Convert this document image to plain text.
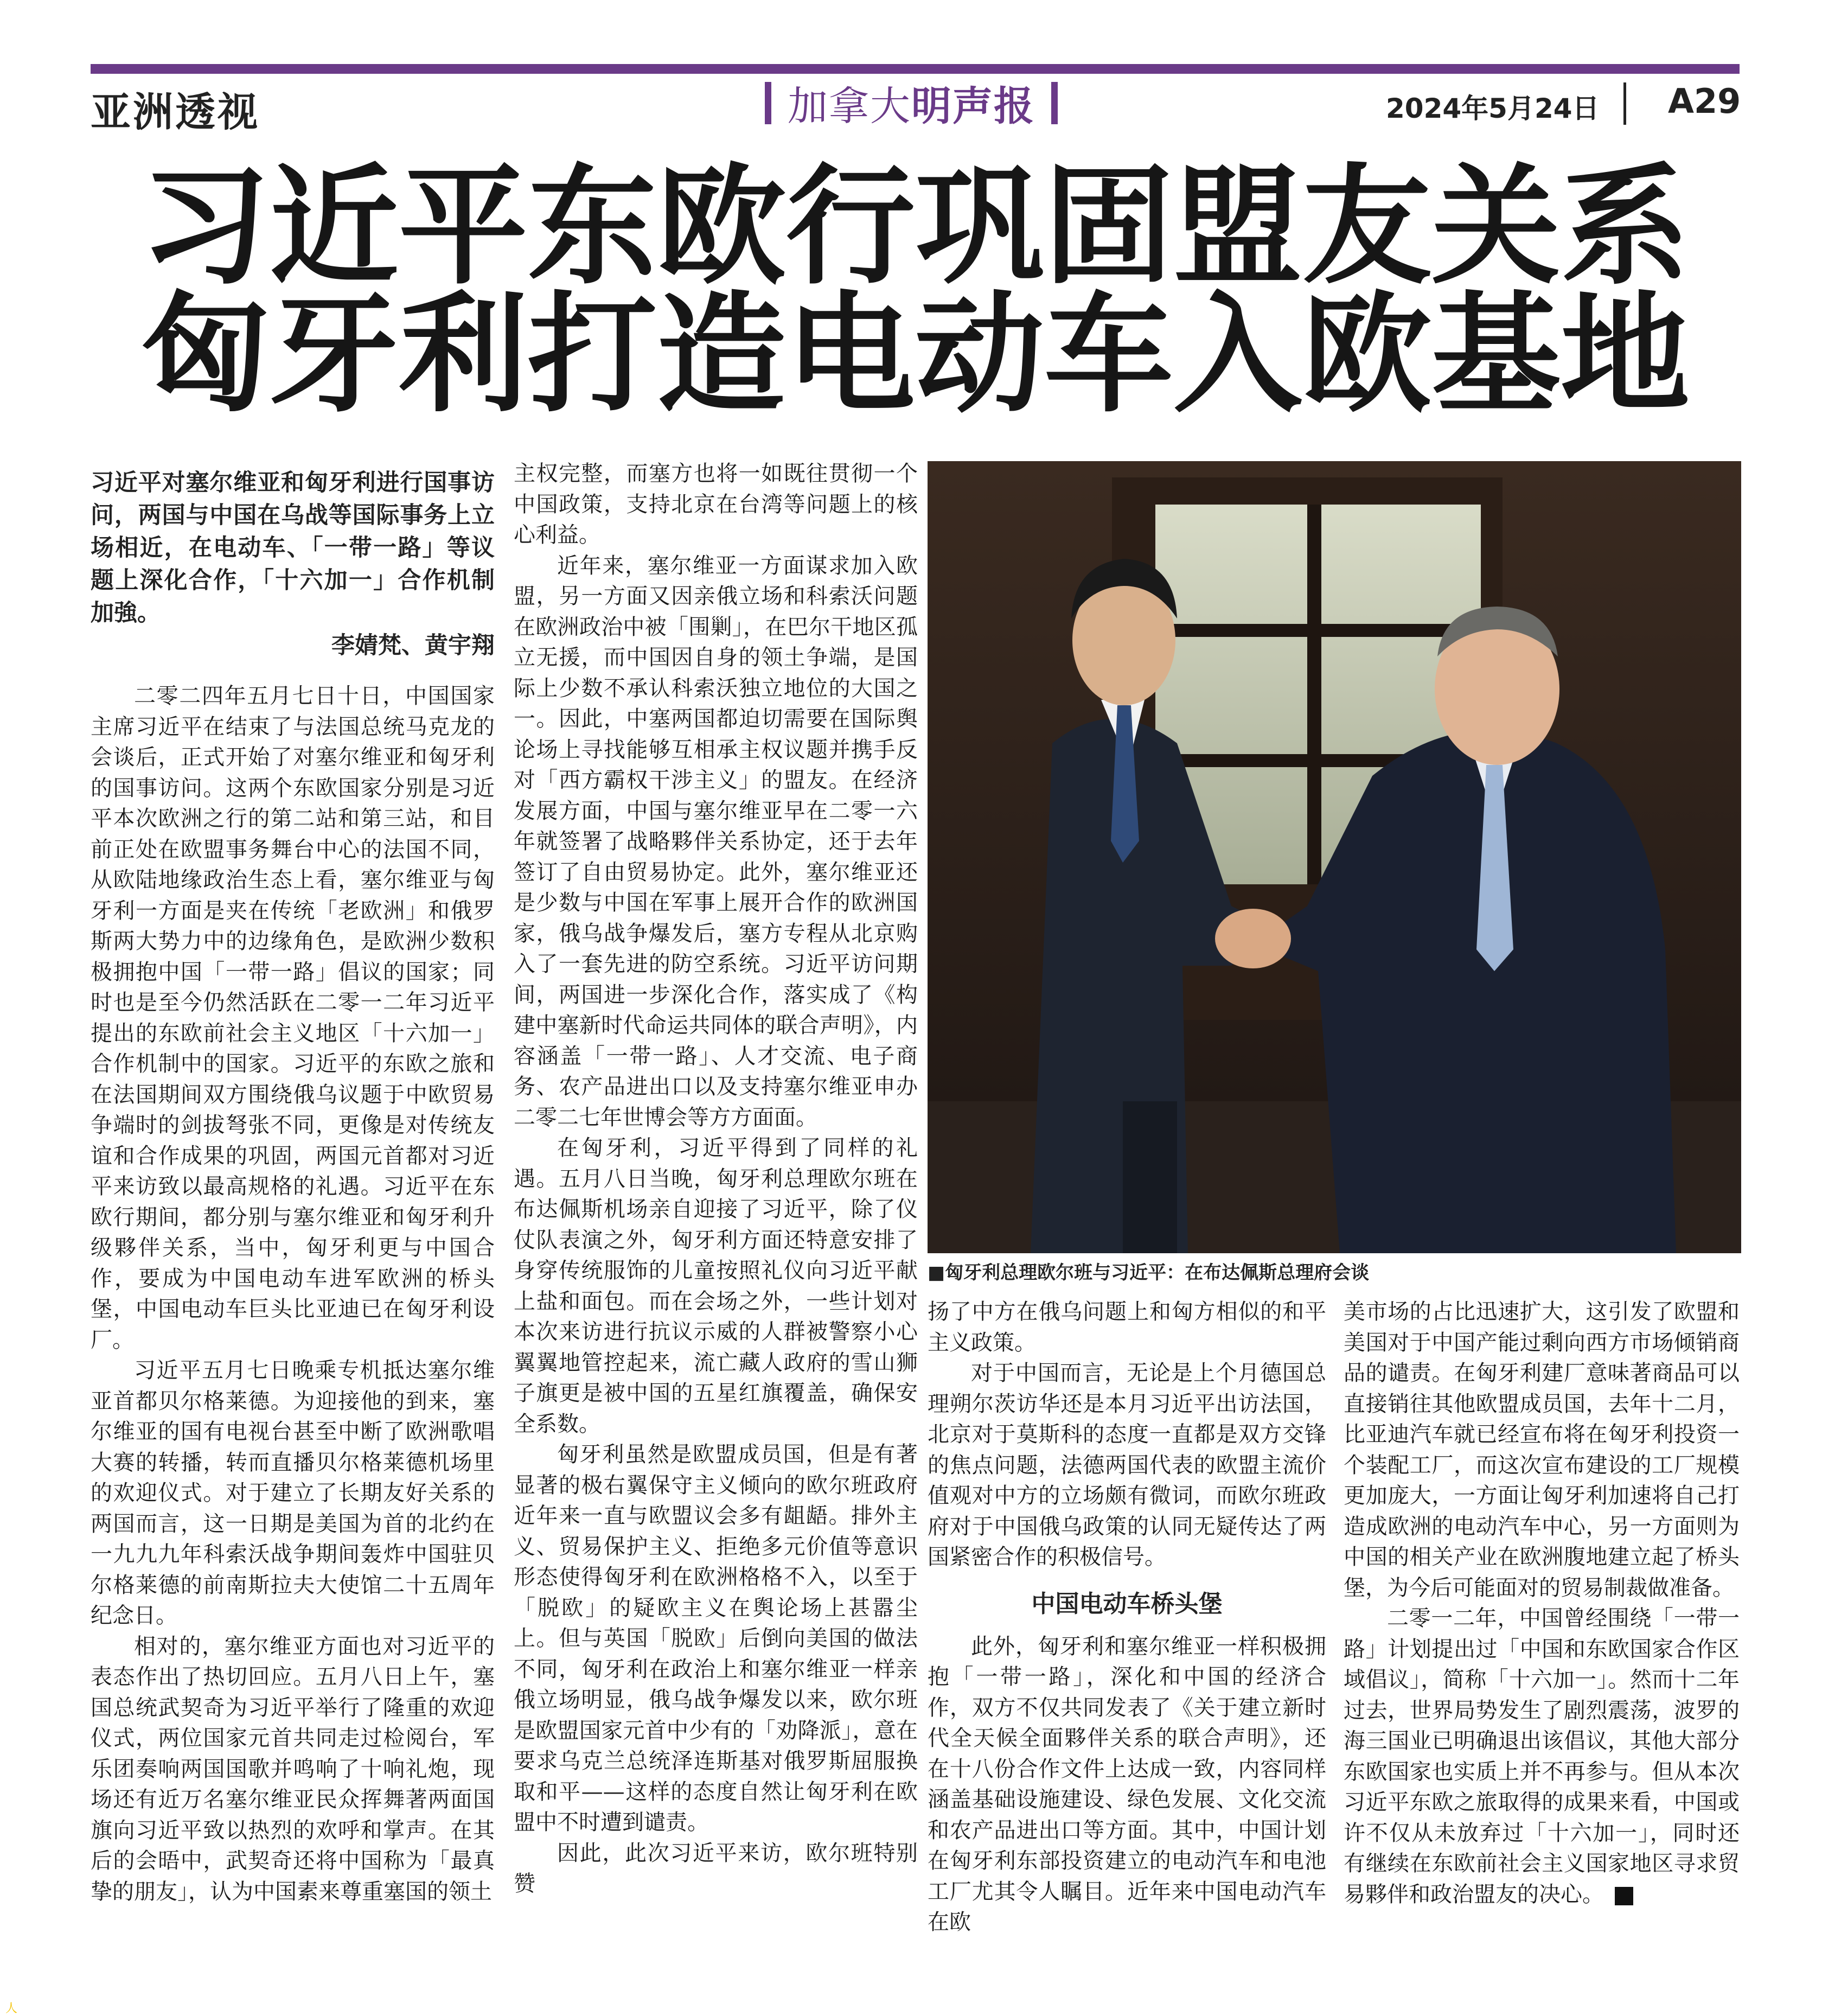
亚洲透视	加拿大明声报	2024年5月24日 A29
习近平东欧行巩固盟友关系
匈牙利打造电动车入欧基地
习近平对塞尔维亚和匈牙利进行国事访问，两国与中国在乌战等国际事务上立场相近，在电动车、「一带一路」等议题上深化合作，「十六加一」合作机制加強。
李婧梵、黄宇翔

二零二四年五月七日十日，中国国家主席习近平在结束了与法国总统马克龙的会谈后，正式开始了对塞尔维亚和匈牙利的国事访问。这两个东欧国家分别是习近平本次欧洲之行的第二站和第三站，和目前正处在欧盟事务舞台中心的法国不同，从欧陆地缘政治生态上看，塞尔维亚与匈牙利一方面是夹在传统「老欧洲」和俄罗斯两大势力中的边缘角色，是欧洲少数积极拥抱中国「一带一路」倡议的国家；同时也是至今仍然活跃在二零一二年习近平提出的东欧前社会主义地区「十六加一」合作机制中的国家。习近平的东欧之旅和在法国期间双方围绕俄乌议题于中欧贸易争端时的剑拔弩张不同，更像是对传统友谊和合作成果的巩固，两国元首都对习近平来访致以最高规格的礼遇。习近平在东欧行期间，都分别与塞尔维亚和匈牙利升级夥伴关系，当中，匈牙利更与中国合作，要成为中国电动车进军欧洲的桥头堡，中国电动车巨头比亚迪已在匈牙利设厂。

习近平五月七日晚乘专机抵达塞尔维亚首都贝尔格莱德。为迎接他的到来，塞尔维亚的国有电视台甚至中断了欧洲歌唱大赛的转播，转而直播贝尔格莱德机场里的欢迎仪式。对于建立了长期友好关系的两国而言，这一日期是美国为首的北约在一九九九年科索沃战争期间轰炸中国驻贝尔格莱德的前南斯拉夫大使馆二十五周年纪念日。

相对的，塞尔维亚方面也对习近平的表态作出了热切回应。五月八日上午，塞国总统武契奇为习近平举行了隆重的欢迎仪式，两位国家元首共同走过检阅台，军乐团奏响两国国歌并鸣响了十响礼炮，现场还有近万名塞尔维亚民众挥舞著两面国旗向习近平致以热烈的欢呼和掌声。在其后的会晤中，武契奇还将中国称为「最真挚的朋友」，认为中国素来尊重塞国的领土

主权完整，而塞方也将一如既往贯彻一个中国政策，支持北京在台湾等问题上的核心利益。

近年来，塞尔维亚一方面谋求加入欧盟，另一方面又因亲俄立场和科索沃问题在欧洲政治中被「围剿」，在巴尔干地区孤立无援，而中国因自身的领土争端，是国际上少数不承认科索沃独立地位的大国之一。因此，中塞两国都迫切需要在国际舆论场上寻找能够互相承主权议题并携手反对「西方霸权干涉主义」的盟友。在经济发展方面，中国与塞尔维亚早在二零一六年就签署了战略夥伴关系协定，还于去年签订了自由贸易协定。此外，塞尔维亚还是少数与中国在军事上展开合作的欧洲国家，俄乌战争爆发后，塞方专程从北京购入了一套先进的防空系统。习近平访问期间，两国进一步深化合作，落实成了《构建中塞新时代命运共同体的联合声明》，内容涵盖「一带一路」、人才交流、电子商务、农产品进出口以及支持塞尔维亚申办二零二七年世博会等方方面面。

在匈牙利，习近平得到了同样的礼遇。五月八日当晚，匈牙利总理欧尔班在布达佩斯机场亲自迎接了习近平，除了仪仗队表演之外，匈牙利方面还特意安排了身穿传统服饰的儿童按照礼仪向习近平献上盐和面包。而在会场之外，一些计划对本次来访进行抗议示威的人群被警察小心翼翼地管控起来，流亡藏人政府的雪山狮子旗更是被中国的五星红旗覆盖，确保安全系数。

匈牙利虽然是欧盟成员国，但是有著显著的极右翼保守主义倾向的欧尔班政府近年来一直与欧盟议会多有龃龉。排外主义、贸易保护主义、拒绝多元价值等意识形态使得匈牙利在欧洲格格不入，以至于「脱欧」的疑欧主义在舆论场上甚嚣尘上。但与英国「脱欧」后倒向美国的做法不同，匈牙利在政治上和塞尔维亚一样亲俄立场明显，俄乌战争爆发以来，欧尔班是欧盟国家元首中少有的「劝降派」，意在要求乌克兰总统泽连斯基对俄罗斯屈服换取和平——这样的态度自然让匈牙利在欧盟中不时遭到谴责。

因此，此次习近平来访，欧尔班特别赞

■匈牙利总理欧尔班与习近平：在布达佩斯总理府会谈

扬了中方在俄乌问题上和匈方相似的和平主义政策。

对于中国而言，无论是上个月德国总理朔尔茨访华还是本月习近平出访法国，北京对于莫斯科的态度一直都是双方交锋的焦点问题，法德两国代表的欧盟主流价值观对中方的立场颇有微词，而欧尔班政府对于中国俄乌政策的认同无疑传达了两国紧密合作的积极信号。

中国电动车桥头堡

此外，匈牙利和塞尔维亚一样积极拥抱「一带一路」，深化和中国的经济合作，双方不仅共同发表了《关于建立新时代全天候全面夥伴关系的联合声明》，还在十八份合作文件上达成一致，内容同样涵盖基础设施建设、绿色发展、文化交流和农产品进出口等方面。其中，中国计划在匈牙利东部投资建立的电动汽车和电池工厂尤其令人瞩目。近年来中国电动汽车在欧

美市场的占比迅速扩大，这引发了欧盟和美国对于中国产能过剩向西方市场倾销商品的谴责。在匈牙利建厂意味著商品可以直接销往其他欧盟成员国，去年十二月，比亚迪汽车就已经宣布将在匈牙利投资一个装配工厂，而这次宣布建设的工厂规模更加庞大，一方面让匈牙利加速将自己打造成欧洲的电动汽车中心，另一方面则为中国的相关产业在欧洲腹地建立起了桥头堡，为今后可能面对的贸易制裁做准备。

二零一二年，中国曾经围绕「一带一路」计划提出过「中国和东欧国家合作区域倡议」，简称「十六加一」。然而十二年过去，世界局势发生了剧烈震荡，波罗的海三国业已明确退出该倡议，其他大部分东欧国家也实质上并不再参与。但从本次习近平东欧之旅取得的成果来看，中国或许不仅从未放弃过「十六加一」，同时还有继续在东欧前社会主义国家地区寻求贸易夥伴和政治盟友的决心。

人
